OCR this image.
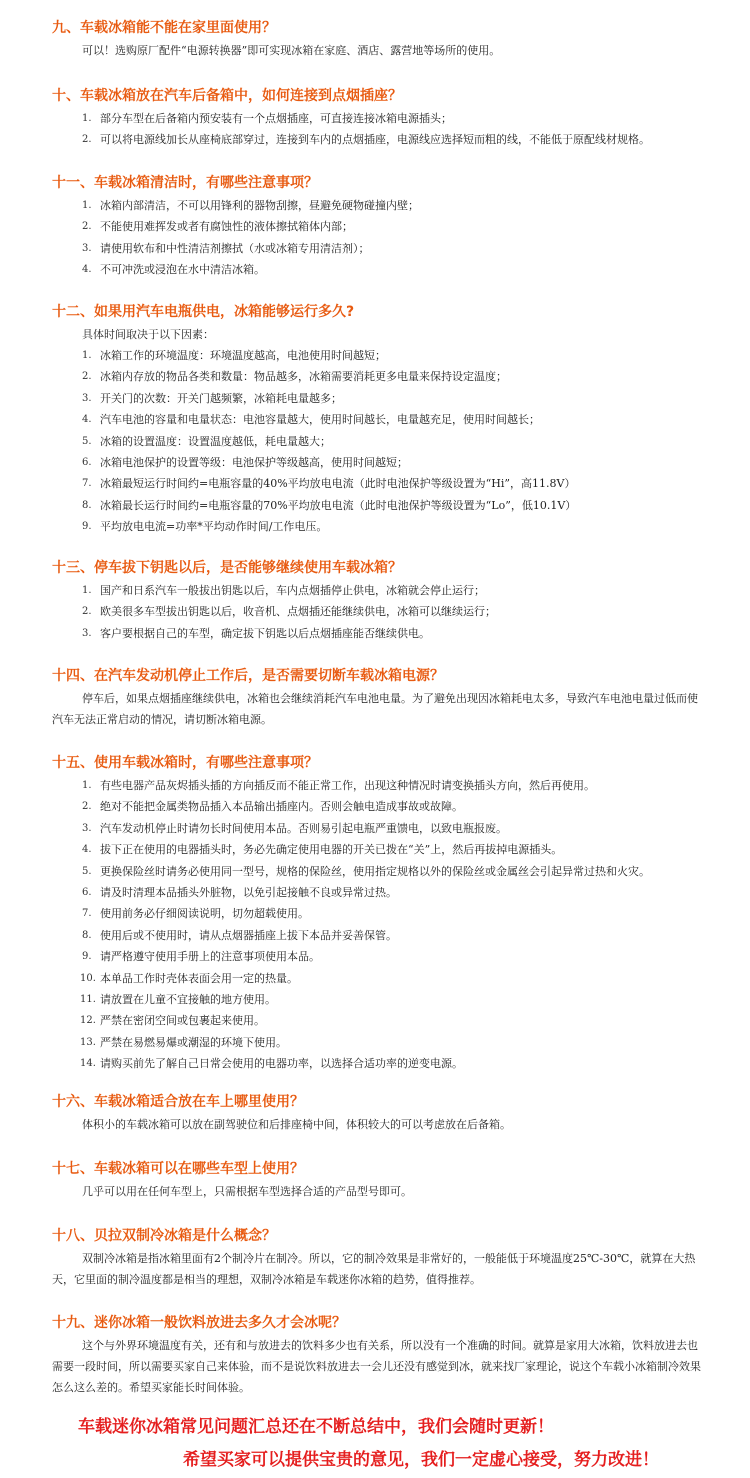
九、车载冰箱能不能在家里面使用？

可以！选购原厂配件“电源转换器”即可实现冰箱在家庭、酒店、露营地等场所的使用。

十、车载冰箱放在汽车后备箱中，如何连接到点烟插座？
1. 部分车型在后备箱内预安装有一个点烟插座，可直接连接冰箱电源插头；
2. 可以将电源线加长从座椅底部穿过，连接到车内的点烟插座，电源线应选择短而粗的线，不能低于原配线材规格。
十一、车载冰箱清洁时，有哪些注意事项？
1. 冰箱内部清洁，不可以用锋利的器物刮擦，昼避免硬物碰撞内壁；
2. 不能使用难挥发或者有腐蚀性的液体擦拭箱体内部；
3. 请使用软布和中性清洁剂擦拭（水或冰箱专用清洁剂）；
4. 不可冲洗或浸泡在水中清洁冰箱。
十二、如果用汽车电瓶供电，冰箱能够运行多久?

具体时间取决于以下因素：

1. 冰箱工作的环境温度：环境温度越高，电池使用时间越短；
2. 冰箱内存放的物品各类和数量：物品越多，冰箱需要消耗更多电量来保持设定温度；
3. 开关门的次数：开关门越频繁，冰箱耗电量越多；
4. 汽车电池的容量和电量状态：电池容量越大，使用时间越长，电量越充足，使用时间越长；
5. 冰箱的设置温度：设置温度越低，耗电量越大；
6. 冰箱电池保护的设置等级：电池保护等级越高，使用时间越短；
7. 冰箱最短运行时间约=电瓶容量的40%平均放电电流（此时电池保护等级设置为“Hi”，高11.8V）
8. 冰箱最长运行时间约=电瓶容量的70%平均放电电流（此时电池保护等级设置为“Lo”，低10.1V）
9. 平均放电电流=功率*平均动作时间/工作电压。
十三、停车拔下钥匙以后，是否能够继续使用车载冰箱？
1. 国产和日系汽车一般拔出钥匙以后，车内点烟插停止供电，冰箱就会停止运行；
2. 欧美很多车型拔出钥匙以后，收音机、点烟插还能继续供电，冰箱可以继续运行；
3. 客户要根据自己的车型，确定拔下钥匙以后点烟插座能否继续供电。
十四、在汽车发动机停止工作后，是否需要切断车载冰箱电源？

停车后，如果点烟插座继续供电，冰箱也会继续消耗汽车电池电量。为了避免出现因冰箱耗电太多，导致汽车电池电量过低而使汽车无法正常启动的情况，请切断冰箱电源。

十五、使用车载冰箱时，有哪些注意事项？
1. 有些电器产品灰烬插头插的方向插反而不能正常工作，出现这种情况时请变换插头方向，然后再使用。
2. 绝对不能把金属类物品插入本品输出插座内。否则会触电造成事故或故障。
3. 汽车发动机停止时请勿长时间使用本品。否则易引起电瓶严重馈电，以致电瓶报废。
4. 拔下正在使用的电器插头时，务必先确定使用电器的开关已拨在“关”上，然后再拔掉电源插头。
5. 更换保险丝时请务必使用同一型号，规格的保险丝，使用指定规格以外的保险丝或金属丝会引起异常过热和火灾。
6. 请及时清理本品插头外脏物，以免引起接触不良或异常过热。
7. 使用前务必仔细阅读说明，切勿超载使用。
8. 使用后或不使用时，请从点烟器插座上拔下本品并妥善保管。
9. 请严格遵守使用手册上的注意事项使用本品。
10. 本单品工作时壳体表面会用一定的热量。
11. 请放置在儿童不宜接触的地方使用。
12. 严禁在密闭空间或包裹起来使用。
13. 严禁在易燃易爆或潮湿的环境下使用。
14. 请购买前先了解自己日常会使用的电器功率，以选择合适功率的逆变电源。
十六、车载冰箱适合放在车上哪里使用？

体积小的车载冰箱可以放在副驾驶位和后排座椅中间，体积较大的可以考虑放在后备箱。

十七、车载冰箱可以在哪些车型上使用？

几乎可以用在任何车型上，只需根据车型选择合适的产品型号即可。

十八、贝拉双制冷冰箱是什么概念？

双制冷冰箱是指冰箱里面有2个制冷片在制冷。所以，它的制冷效果是非常好的，一般能低于环境温度25℃-30℃，就算在大热天，它里面的制冷温度都是相当的理想，双制冷冰箱是车载迷你冰箱的趋势，值得推荐。

十九、迷你冰箱一般饮料放进去多久才会冰呢？

这个与外界环境温度有关，还有和与放进去的饮料多少也有关系，所以没有一个准确的时间。就算是家用大冰箱，饮料放进去也需要一段时间，所以需要买家自己来体验，而不是说饮料放进去一会儿还没有感觉到冰，就来找厂家理论，说这个车载小冰箱制冷效果怎么这么差的。希望买家能长时间体验。

车载迷你冰箱常见问题汇总还在不断总结中，我们会随时更新！
希望买家可以提供宝贵的意见，我们一定虚心接受，努力改进！
